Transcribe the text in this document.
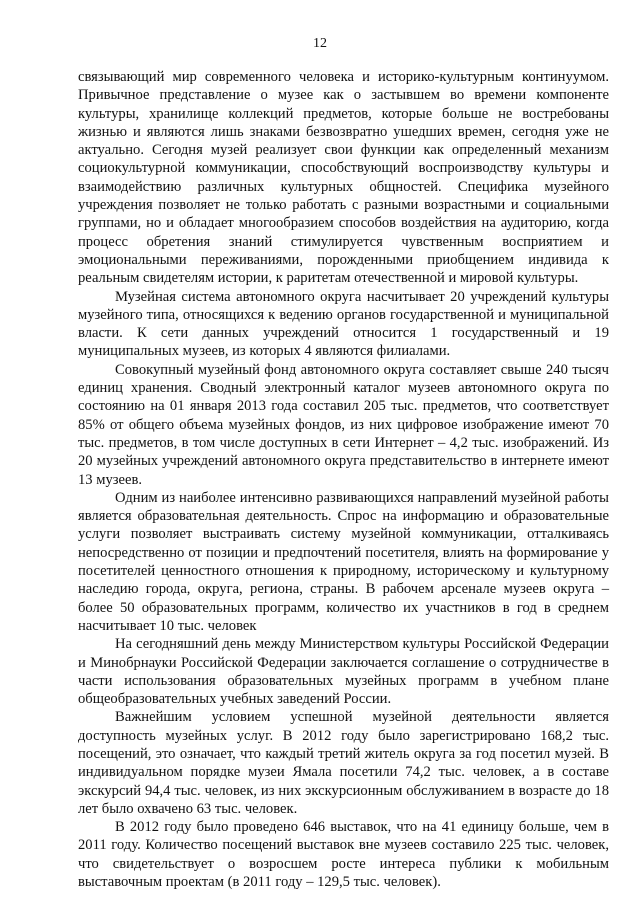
12

связывающий мир современного человека и историко-культурным континуумом. Привычное представление о музее как о застывшем во времени компоненте культуры, хранилище коллекций предметов, которые больше не востребованы жизнью и являются лишь знаками безвозвратно ушедших времен, сегодня уже не актуально. Сегодня музей реализует свои функции как определенный механизм социокультурной коммуникации, способствующий воспроизводству культуры и взаимодействию различных культурных общностей. Специфика музейного учреждения позволяет не только работать с разными возрастными и социальными группами, но и обладает многообразием способов воздействия на аудиторию, когда процесс обретения знаний стимулируется чувственным восприятием и эмоциональными переживаниями, порожденными приобщением индивида к реальным свидетелям истории, к раритетам отечественной и мировой культуры.

Музейная система автономного округа насчитывает 20 учреждений культуры музейного типа, относящихся к ведению органов государственной и муниципальной власти. К сети данных учреждений относится 1 государственный и 19 муниципальных музеев, из которых 4 являются филиалами.

Совокупный музейный фонд автономного округа составляет свыше 240 тысяч единиц хранения. Сводный электронный каталог музеев автономного округа по состоянию на 01 января 2013 года составил 205 тыс. предметов, что соответствует 85% от общего объема музейных фондов, из них цифровое изображение имеют 70 тыс. предметов, в том числе доступных в сети Интернет – 4,2 тыс. изображений. Из 20 музейных учреждений автономного округа представительство в интернете имеют 13 музеев.

Одним из наиболее интенсивно развивающихся направлений музейной работы является образовательная деятельность. Спрос на информацию и образовательные услуги позволяет выстраивать систему музейной коммуникации, отталкиваясь непосредственно от позиции и предпочтений посетителя, влиять на формирование у посетителей ценностного отношения к природному, историческому и культурному наследию города, округа, региона, страны. В рабочем арсенале музеев округа – более 50 образовательных программ, количество их участников в год в среднем насчитывает 10 тыс. человек

На сегодняшний день между Министерством культуры Российской Федерации и Минобрнауки Российской Федерации заключается соглашение о сотрудничестве в части использования образовательных музейных программ в учебном плане общеобразовательных учебных заведений России.

Важнейшим условием успешной музейной деятельности является доступность музейных услуг. В 2012 году было зарегистрировано 168,2 тыс. посещений, это означает, что каждый третий житель округа за год посетил музей. В индивидуальном порядке музеи Ямала посетили 74,2 тыс. человек, а в составе экскурсий 94,4 тыс. человек, из них экскурсионным обслуживанием в возрасте до 18 лет было охвачено 63 тыс. человек.

В 2012 году было проведено 646 выставок, что на 41 единицу больше, чем в 2011 году. Количество посещений выставок вне музеев составило 225 тыс. человек, что свидетельствует о возросшем росте интереса публики к мобильным выставочным проектам (в 2011 году – 129,5 тыс. человек).
